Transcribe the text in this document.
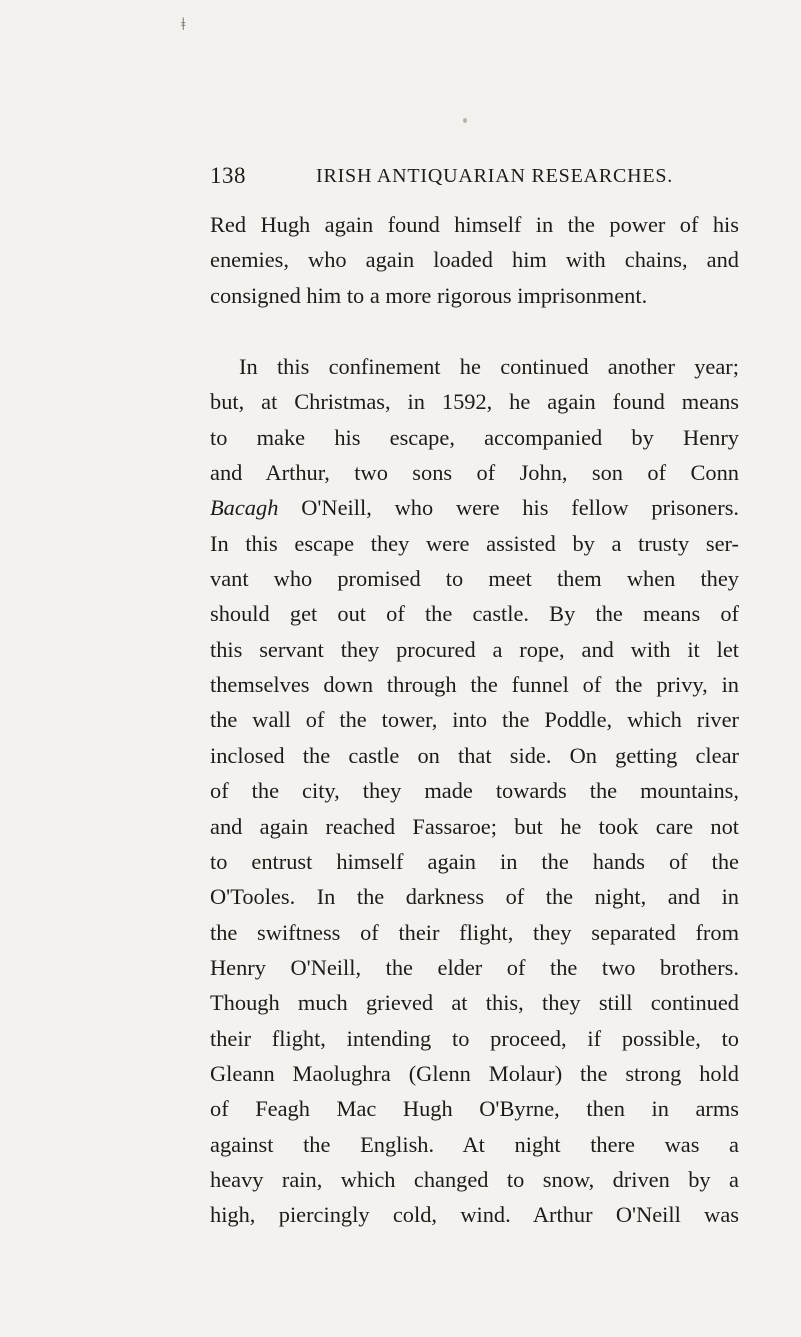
ǂ
138	IRISH ANTIQUARIAN RESEARCHES.
Red Hugh again found himself in the power of his
enemies, who again loaded him with chains, and
consigned him to a more rigorous imprisonment.
In this confinement he continued another year;
but, at Christmas, in 1592, he again found means
to make his escape, accompanied by Henry
and Arthur, two sons of John, son of Conn
Bacagh O'Neill, who were his fellow prisoners.
In this escape they were assisted by a trusty ser-
vant who promised to meet them when they
should get out of the castle. By the means of
this servant they procured a rope, and with it let
themselves down through the funnel of the privy, in
the wall of the tower, into the Poddle, which river
inclosed the castle on that side. On getting clear
of the city, they made towards the mountains,
and again reached Fassaroe; but he took care not
to entrust himself again in the hands of the
O'Tooles. In the darkness of the night, and in
the swiftness of their flight, they separated from
Henry O'Neill, the elder of the two brothers.
Though much grieved at this, they still continued
their flight, intending to proceed, if possible, to
Gleann Maolughra (Glenn Molaur) the strong hold
of Feagh Mac Hugh O'Byrne, then in arms
against the English. At night there was a
heavy rain, which changed to snow, driven by a
high, piercingly cold, wind. Arthur O'Neill was
